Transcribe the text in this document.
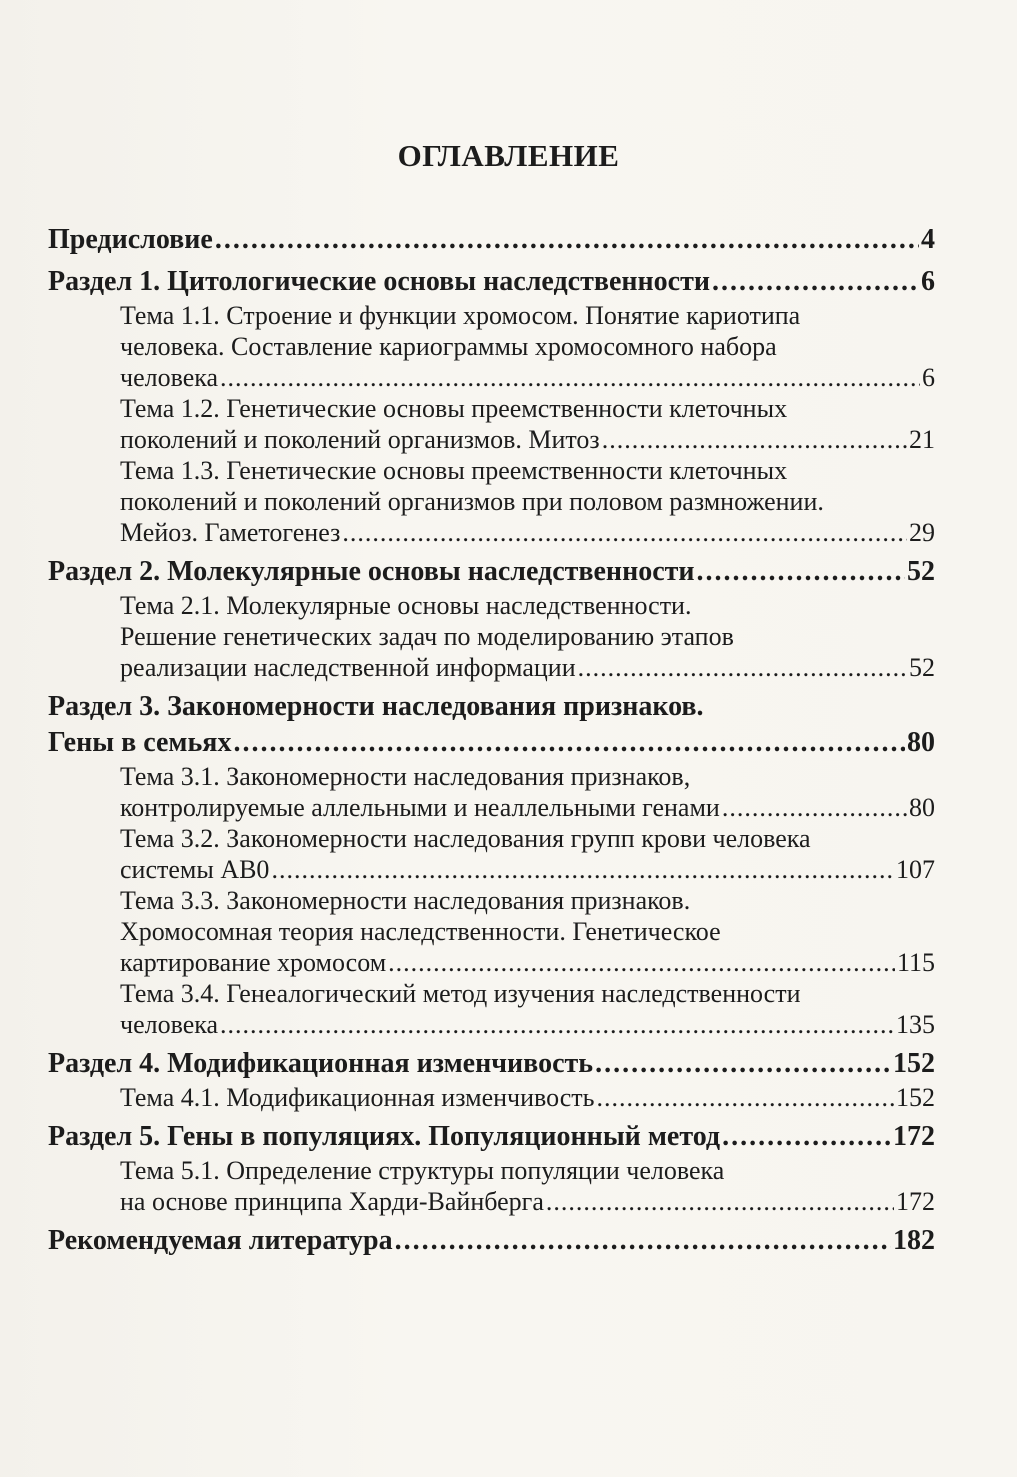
ОГЛАВЛЕНИЕ
Предисловие .....	4
Раздел 1. Цитологические основы наследственности .....	6
Тема 1.1. Строение и функции хромосом. Понятие кариотипа
человека. Составление кариограммы хромосомного набора
человека .....	6
Тема 1.2. Генетические основы преемственности клеточных
поколений и поколений организмов. Митоз .....	21
Тема 1.3. Генетические основы преемственности клеточных
поколений и поколений организмов при половом размножении.
Мейоз. Гаметогенез .....	29
Раздел 2. Молекулярные основы наследственности .....	52
Тема 2.1. Молекулярные основы наследственности.
Решение генетических задач по моделированию этапов
реализации наследственной информации .....	52
Раздел 3. Закономерности наследования признаков.
Гены в семьях .....	80
Тема 3.1. Закономерности наследования признаков,
контролируемые аллельными и неаллельными генами .....	80
Тема 3.2. Закономерности наследования групп крови человека
системы АВ0 .....	107
Тема 3.3. Закономерности наследования признаков.
Хромосомная теория наследственности. Генетическое
картирование хромосом .....	115
Тема 3.4. Генеалогический метод изучения наследственности
человека .....	135
Раздел 4. Модификационная изменчивость .....	152
Тема 4.1. Модификационная изменчивость .....	152
Раздел 5. Гены в популяциях. Популяционный метод .....	172
Тема 5.1. Определение структуры популяции человека
на основе принципа Харди-Вайнберга .....	172
Рекомендуемая литература .....	182
